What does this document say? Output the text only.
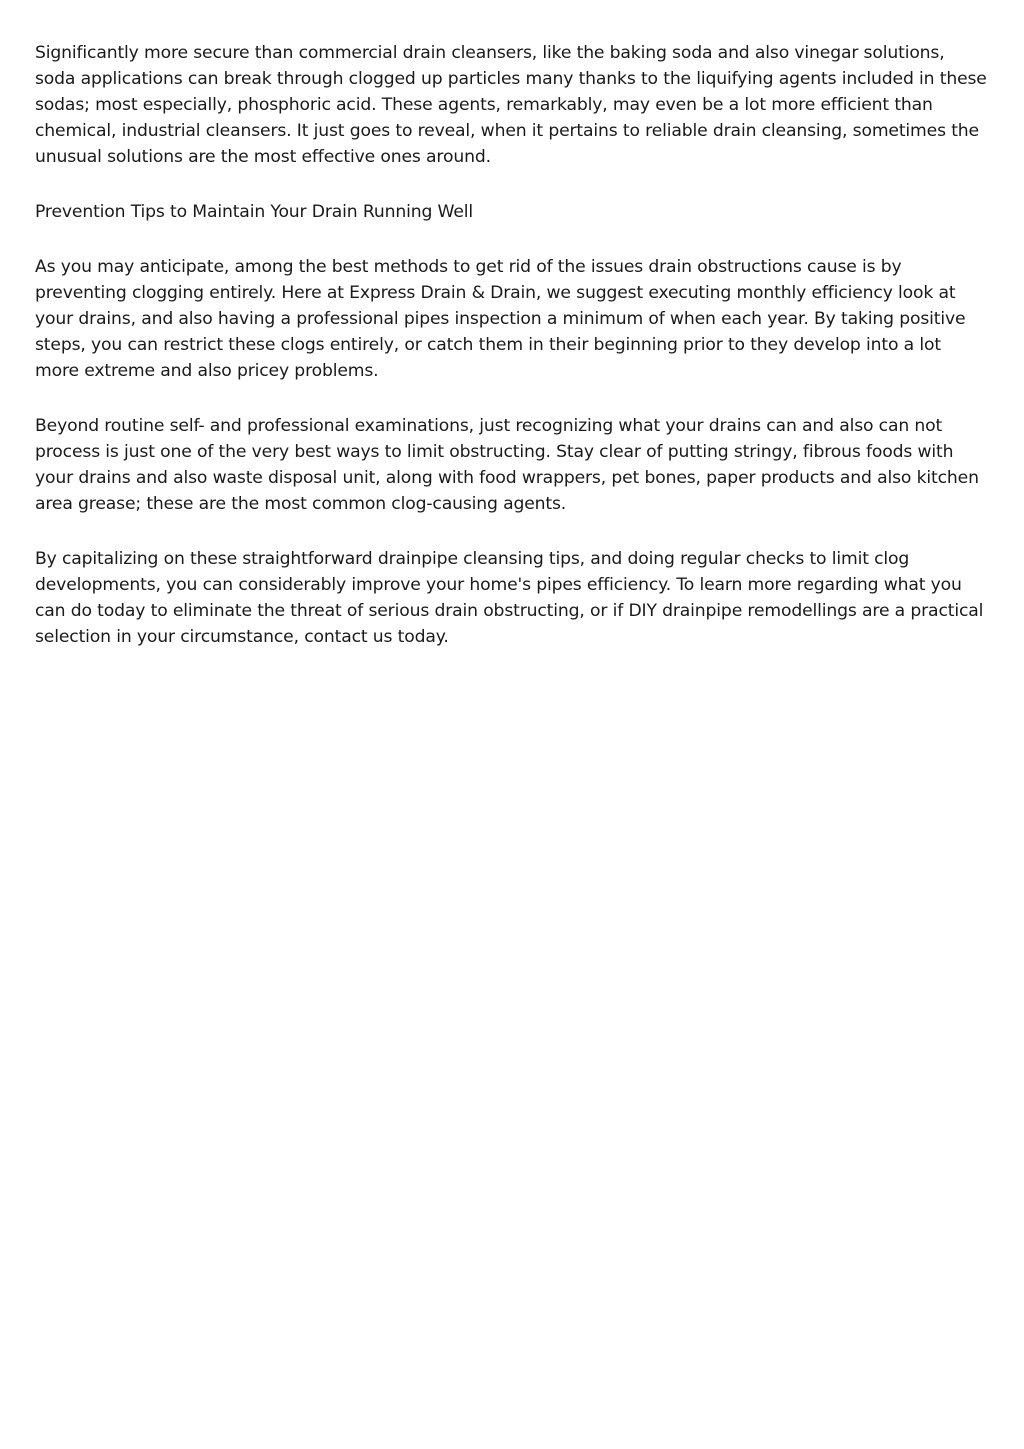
Significantly more secure than commercial drain cleansers, like the baking soda and also vinegar solutions, soda applications can break through clogged up particles many thanks to the liquifying agents included in these sodas; most especially, phosphoric acid. These agents, remarkably, may even be a lot more efficient than chemical, industrial cleansers. It just goes to reveal, when it pertains to reliable drain cleansing, sometimes the unusual solutions are the most effective ones around.

Prevention Tips to Maintain Your Drain Running Well

As you may anticipate, among the best methods to get rid of the issues drain obstructions cause is by preventing clogging entirely. Here at Express Drain & Drain, we suggest executing monthly efficiency look at your drains, and also having a professional pipes inspection a minimum of when each year. By taking positive steps, you can restrict these clogs entirely, or catch them in their beginning prior to they develop into a lot more extreme and also pricey problems.

Beyond routine self- and professional examinations, just recognizing what your drains can and also can not process is just one of the very best ways to limit obstructing. Stay clear of putting stringy, fibrous foods with your drains and also waste disposal unit, along with food wrappers, pet bones, paper products and also kitchen area grease; these are the most common clog-causing agents.

By capitalizing on these straightforward drainpipe cleansing tips, and doing regular checks to limit clog developments, you can considerably improve your home's pipes efficiency. To learn more regarding what you can do today to eliminate the threat of serious drain obstructing, or if DIY drainpipe remodellings are a practical selection in your circumstance, contact us today.
